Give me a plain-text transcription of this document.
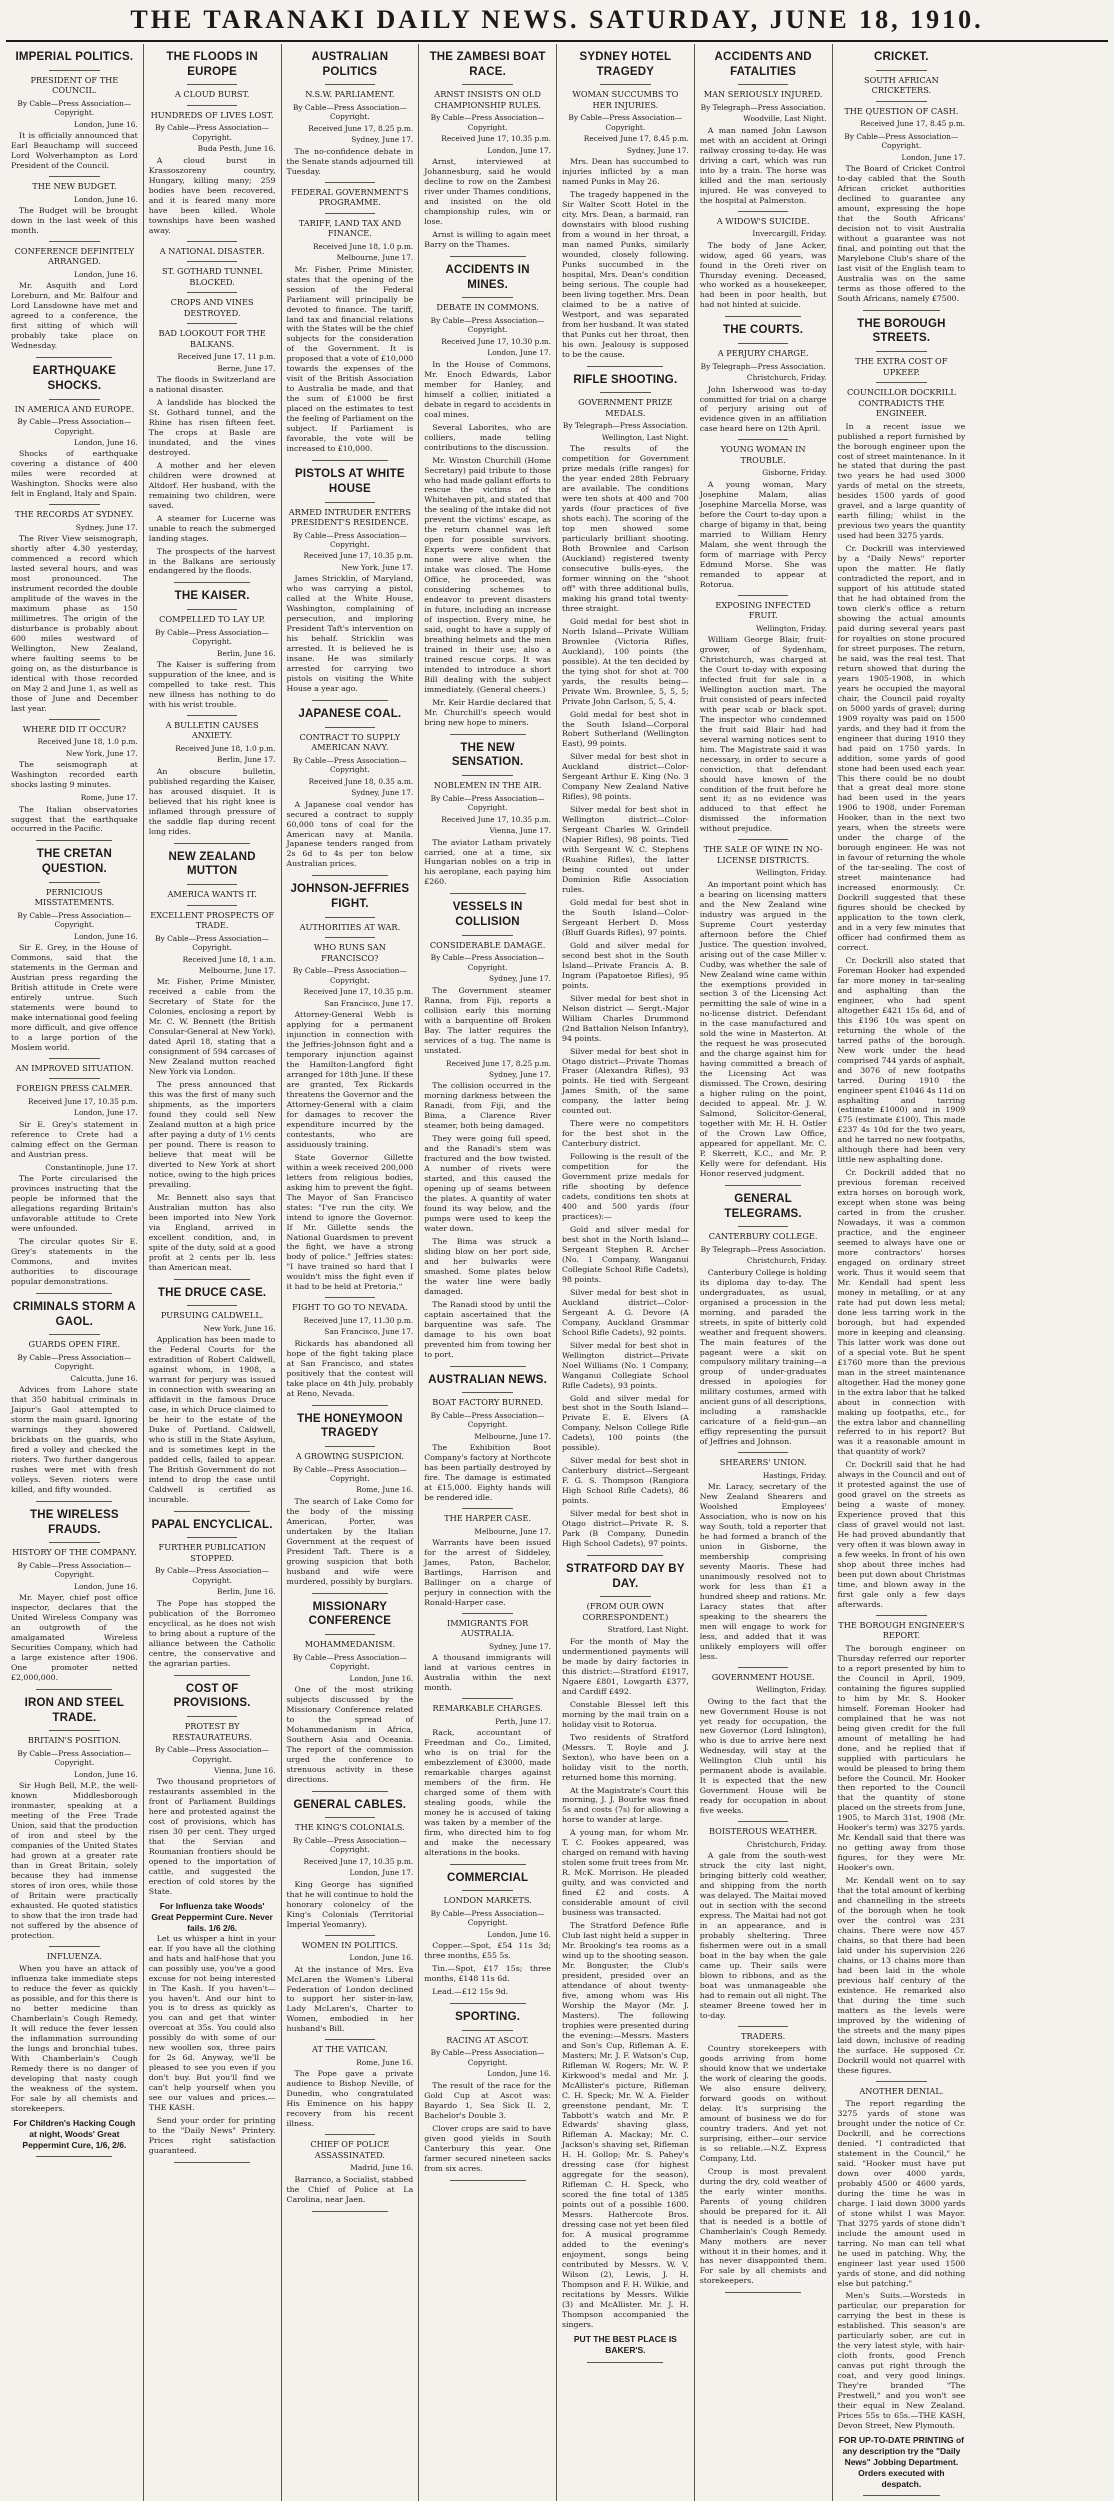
THE TARANAKI DAILY NEWS. SATURDAY, JUNE 18, 1910.
IMPERIAL POLITICS.
PRESIDENT OF THE COUNCIL.
By Cable—Press Association—Copyright.
London, June 16.
It is officially announced that Earl Beauchamp will succeed Lord Wolverhampton as Lord President of the Council.
THE NEW BUDGET.
London, June 16.
The Budget will be brought down in the last week of this month.
CONFERENCE DEFINITELY ARRANGED.
London, June 16.
Mr. Asquith and Lord Loreburn, and Mr. Balfour and Lord Lansdowne have met and agreed to a conference, the first sitting of which will probably take place on Wednesday.
EARTHQUAKE SHOCKS.
IN AMERICA AND EUROPE.
By Cable—Press Association—Copyright.
London, June 16.
Shocks of earthquake covering a distance of 400 miles were recorded at Washington. Shocks were also felt in England, Italy and Spain.
THE RECORDS AT SYDNEY.
Sydney, June 17.
The River View seismograph, shortly after 4.30 yesterday, commenced a record which lasted several hours, and was most pronounced. The instrument recorded the double amplitude of the waves in the maximum phase as 150 millimetres. The origin of the disturbance is probably about 600 miles westward of Wellington, New Zealand, where faulting seems to be going on, as the disturbance is identical with those recorded on May 2 and June 1, as well as those of June and December last year.
WHERE DID IT OCCUR?
Received June 18, 1.0 p.m.
New York, June 17.
The seismograph at Washington recorded earth shocks lasting 9 minutes.
Rome, June 17.
The Italian observatories suggest that the earthquake occurred in the Pacific.
THE CRETAN QUESTION.
PERNICIOUS MISSTATEMENTS.
By Cable—Press Association—Copyright.
London, June 16.
Sir E. Grey, in the House of Commons, said that the statements in the German and Austrian press regarding the British attitude in Crete were entirely untrue. Such statements were bound to make international good feeling more difficult, and give offence to a large portion of the Moslem world.
AN IMPROVED SITUATION.
FOREIGN PRESS CALMER.
Received June 17, 10.35 p.m.
London, June 17.
Sir E. Grey's statement in reference to Crete had a calming effect on the German and Austrian press.
Constantinople, June 17.
The Porte circularised the provinces instructing that the people be informed that the allegations regarding Britain's unfavorable attitude to Crete were unfounded.
The circular quotes Sir E. Grey's statements in the Commons, and invites authorities to discourage popular demonstrations.
CRIMINALS STORM A GAOL.
GUARDS OPEN FIRE.
By Cable—Press Association—Copyright.
Calcutta, June 16.
Advices from Lahore state that 350 habitual criminals in Jaipur's Gaol attempted to storm the main guard. Ignoring warnings they showered brickbats on the guards, who fired a volley and checked the rioters. Two further dangerous rushes were met with fresh volleys. Seven rioters were killed, and fifty wounded.
THE WIRELESS FRAUDS.
HISTORY OF THE COMPANY.
By Cable—Press Association—Copyright.
London, June 16.
Mr. Mayer, chief post office inspector, declares that the United Wireless Company was an outgrowth of the amalgamated Wireless Securities Company, which had a large existence after 1906. One promoter netted £2,000,000.
IRON AND STEEL TRADE.
BRITAIN'S POSITION.
By Cable—Press Association—Copyright.
London, June 16.
Sir Hugh Bell, M.P., the well-known Middlesborough ironmaster, speaking at a meeting of the Free Trade Union, said that the production of iron and steel by the companies of the United States had grown at a greater rate than in Great Britain, solely because they had immense stores of iron ores, while those of Britain were practically exhausted. He quoted statistics to show that the iron trade had not suffered by the absence of protection.
INFLUENZA.
When you have an attack of influenza take immediate steps to reduce the fever as quickly as possible, and for this there is no better medicine than Chamberlain's Cough Remedy. It will reduce the fever lessen the inflammation surrounding the lungs and bronchial tubes. With Chamberlain's Cough Remedy there is no danger of developing that nasty cough the weakness of the system. For sale by all chemists and storekeepers.
For Children's Hacking Cough at night, Woods' Great Peppermint Cure, 1/6, 2/6.
THE FLOODS IN EUROPE
A CLOUD BURST.
HUNDREDS OF LIVES LOST.
By Cable—Press Association—Copyright.
Buda Pesth, June 16.
A cloud burst in Krassoszoreny country, Hungary, killing many; 259 bodies have been recovered, and it is feared many more have been killed. Whole townships have been washed away.
A NATIONAL DISASTER.
ST. GOTHARD TUNNEL BLOCKED.
CROPS AND VINES DESTROYED.
BAD LOOKOUT FOR THE BALKANS.
Received June 17, 11 p.m.
Berne, June 17.
The floods in Switzerland are a national disaster.
A landslide has blocked the St. Gothard tunnel, and the Rhine has risen fifteen feet. The crops at Basle are inundated, and the vines destroyed.
A mother and her eleven children were drowned at Altdorf. Her husband, with the remaining two children, were saved.
A steamer for Lucerne was unable to reach the submerged landing stages.
The prospects of the harvest in the Balkans are seriously endangered by the floods.
THE KAISER.
COMPELLED TO LAY UP.
By Cable—Press Association—Copyright.
Berlin, June 16.
The Kaiser is suffering from suppuration of the knee, and is compelled to take rest. This new illness has nothing to do with his wrist trouble.
A BULLETIN CAUSES ANXIETY.
Received June 18, 1.0 p.m.
Berlin, June 17.
An obscure bulletin, published regarding the Kaiser, has aroused disquiet. It is believed that his right knee is inflamed through pressure of the saddle flap during recent long rides.
NEW ZEALAND MUTTON
AMERICA WANTS IT.
EXCELLENT PROSPECTS OF TRADE.
By Cable—Press Association—Copyright.
Received June 18, 1 a.m.
Melbourne, June 17.
Mr. Fisher, Prime Minister, received a cable from the Secretary of State for the Colonies, enclosing a report by Mr. C. W. Bennett (the British Consular-General at New York), dated April 18, stating that a consignment of 594 carcases of New Zealand mutton reached New York via London.
The press announced that this was the first of many such shipments, as the importers found they could sell New Zealand mutton at a high price after paying a duty of 1½ cents per pound. There is reason to believe that meat will be diverted to New York at short notice, owing to the high prices prevailing.
Mr. Bennett also says that Australian mutton has also been imported into New York via England, arrived in excellent condition, and, in spite of the duty, sold at a good profit at 2 cents per lb. less than American meat.
THE DRUCE CASE.
PURSUING CALDWELL.
New York, June 16.
Application has been made to the Federal Courts for the extradition of Robert Caldwell, against whom, in 1908, a warrant for perjury was issued in connection with swearing an affidavit in the famous Druce case, in which Druce claimed to be heir to the estate of the Duke of Portland. Caldwell, who is still in the State Asylum, and is sometimes kept in the padded cells, failed to appear. The British Government do not intend to drop the case until Caldwell is certified as incurable.
PAPAL ENCYCLICAL.
FURTHER PUBLICATION STOPPED.
By Cable—Press Association—Copyright.
Berlin, June 16.
The Pope has stopped the publication of the Borromeo encyclical, as he does not wish to bring about a rupture of the alliance between the Catholic centre, the conservative and the agrarian parties.
COST OF PROVISIONS.
PROTEST BY RESTAURATEURS.
By Cable—Press Association—Copyright.
Vienna, June 16.
Two thousand proprietors of restaurants assembled in the front of Parliament Buildings here and protested against the cost of provisions, which has risen 30 per cent. They urged that the Servian and Roumanian frontiers should be opened to the importation of cattle, and suggested the erection of cold stores by the State.
For Influenza take Woods' Great Peppermint Cure. Never fails. 1/6 2/6.
Let us whisper a hint in your ear. If you have all the clothing and hats and half-hose that you can possibly use, you've a good excuse for not being interested in The Kash. If you haven't—you haven't. And our hint to you is to dress as quickly as you can and get that winter overcoat at 35s. You could also possibly do with some of our new woollen sox, three pairs for 2s 6d. Anyway, we'll be pleased to see you even if you don't buy. But you'll find we can't help yourself when you see our values and prices.—THE KASH.
Send your order for printing to the "Daily News" Printery. Prices right satisfaction guaranteed.
AUSTRALIAN POLITICS
N.S.W. PARLIAMENT.
By Cable—Press Association—Copyright.
Received June 17, 8.25 p.m.
Sydney, June 17.
The no-confidence debate in the Senate stands adjourned till Tuesday.
FEDERAL GOVERNMENT'S PROGRAMME.
TARIFF, LAND TAX AND FINANCE.
Received June 18, 1.0 p.m.
Melbourne, June 17.
Mr. Fisher, Prime Minister, states that the opening of the session of the Federal Parliament will principally be devoted to finance. The tariff, land tax and financial relations with the States will be the chief subjects for the consideration of the Government. It is proposed that a vote of £10,000 towards the expenses of the visit of the British Association to Australia be made, and that the sum of £1000 be first placed on the estimates to test the feeling of Parliament on the subject. If Parliament is favorable, the vote will be increased to £10,000.
PISTOLS AT WHITE HOUSE
ARMED INTRUDER ENTERS PRESIDENT'S RESIDENCE.
By Cable—Press Association—Copyright.
Received June 17, 10.35 p.m.
New York, June 17.
James Stricklin, of Maryland, who was carrying a pistol, called at the White House, Washington, complaining of persecution, and imploring President Taft's intervention on his behalf. Stricklin was arrested. It is believed he is insane. He was similarly arrested for carrying two pistols on visiting the White House a year ago.
JAPANESE COAL.
CONTRACT TO SUPPLY AMERICAN NAVY.
By Cable—Press Association—Copyright.
Received June 18, 0.35 a.m.
Sydney, June 17.
A Japanese coal vendor has secured a contract to supply 60,000 tons of coal for the American navy at Manila. Japanese tenders ranged from 2s 6d to 4s per ton below Australian prices.
JOHNSON-JEFFRIES FIGHT.
AUTHORITIES AT WAR.
WHO RUNS SAN FRANCISCO?
By Cable—Press Association—Copyright.
Received June 17, 10.35 p.m.
San Francisco, June 17.
Attorney-General Webb is applying for a permanent injunction in connection with the Jeffries-Johnson fight and a temporary injunction against the Hamilton-Langford fight arranged for 18th June. If these are granted, Tex Rickards threatens the Governor and the Attorney-General with a claim for damages to recover the expenditure incurred by the contestants, who are assiduously training.
State Governor Gillette within a week received 200,000 letters from religious bodies, asking him to prevent the fight. The Mayor of San Francisco states: "I've run the city. We intend to ignore the Governor. If Mr. Gillette sends the National Guardsmen to prevent the fight, we have a strong body of police." Jeffries states: "I have trained so hard that I wouldn't miss the fight even if it had to be held at Pretoria."
FIGHT TO GO TO NEVADA.
Received June 17, 11.30 p.m.
San Francisco, June 17.
Rickards has abandoned all hope of the fight taking place at San Francisco, and states positively that the contest will take place on 4th July, probably at Reno, Nevada.
THE HONEYMOON TRAGEDY
A GROWING SUSPICION.
By Cable—Press Association—Copyright.
Rome, June 16.
The search of Lake Como for the body of the missing American, Porter, was undertaken by the Italian Government at the request of President Taft. There is a growing suspicion that both husband and wife were murdered, possibly by burglars.
MISSIONARY CONFERENCE
MOHAMMEDANISM.
By Cable—Press Association—Copyright.
London, June 16.
One of the most striking subjects discussed by the Missionary Conference related to the spread of Mohammedanism in Africa, Southern Asia and Oceania. The report of the commission urged the conference to strenuous activity in these directions.
GENERAL CABLES.
THE KING'S COLONIALS.
By Cable—Press Association—Copyright.
Received June 17, 10.35 p.m.
London, June 17.
King George has signified that he will continue to hold the honorary colonelcy of the King's Colonials (Territorial Imperial Yeomanry).
WOMEN IN POLITICS.
London, June 16.
At the instance of Mrs. Eva McLaren the Women's Liberal Federation of London declined to support her sister-in-law, Lady McLaren's, Charter to Women, embodied in her husband's Bill.
AT THE VATICAN.
Rome, June 16.
The Pope gave a private audience to Bishop Neville, of Dunedin, who congratulated His Eminence on his happy recovery from his recent illness.
CHIEF OF POLICE ASSASSINATED.
Madrid, June 16.
Barranco, a Socialist, stabbed the Chief of Police at La Carolina, near Jaen.
THE ZAMBESI BOAT RACE.
ARNST INSISTS ON OLD CHAMPIONSHIP RULES.
By Cable—Press Association—Copyright.
Received June 17, 10.35 p.m.
London, June 17.
Arnst, interviewed at Johannesburg, said he would decline to row on the Zambesi river under Thames conditions, and insisted on the old championship rules, win or lose.
Arnst is willing to again meet Barry on the Thames.
ACCIDENTS IN MINES.
DEBATE IN COMMONS.
By Cable—Press Association—Copyright.
Received June 17, 10.30 p.m.
London, June 17.
In the House of Commons, Mr. Enoch Edwards, Labor member for Hanley, and himself a collier, initiated a debate in regard to accidents in coal mines.
Several Laborites, who are colliers, made telling contributions to the discussion.
Mr. Winston Churchill (Home Secretary) paid tribute to those who had made gallant efforts to rescue the victims of the Whitehaven pit, and stated that the sealing of the intake did not prevent the victims' escape, as the return channel was left open for possible survivors. Experts were confident that none were alive when the intake was closed. The Home Office, he proceeded, was considering schemes to endeavor to prevent disasters in future, including an increase of inspection. Every mine, he said, ought to have a supply of breathing helmets and the men trained in their use; also a trained rescue corps. It was intended to introduce a short Bill dealing with the subject immediately. (General cheers.)
Mr. Keir Hardie declared that Mr. Churchill's speech would bring new hope to miners.
THE NEW SENSATION.
NOBLEMEN IN THE AIR.
By Cable—Press Association—Copyright.
Received June 17, 10.35 p.m.
Vienna, June 17.
The aviator Latham privately carried, one at a time, six Hungarian nobles on a trip in his aeroplane, each paying him £260.
VESSELS IN COLLISION
CONSIDERABLE DAMAGE.
By Cable—Press Association—Copyright.
Sydney, June 17.
The Government steamer Ranna, from Fiji, reports a collision early this morning with a barquentine off Broken Bay. The latter requires the services of a tug. The name is unstated.
Received June 17, 8.25 p.m.
Sydney, June 17.
The collision occurred in the morning darkness between the Ranadi, from Fiji, and the Bima, a Clarence River steamer, both being damaged.
They were going full speed, and the Ranadi's stem was fractured and the bow twisted. A number of rivets were started, and this caused the opening up of seams between the plates. A quantity of water found its way below, and the pumps were used to keep the water down.
The Bima was struck a sliding blow on her port side, and her bulwarks were smashed. Some plates below the water line were badly damaged.
The Ranadi stood by until the captain ascertained that the barquentine was safe. The damage to his own boat prevented him from towing her to port.
AUSTRALIAN NEWS.
BOAT FACTORY BURNED.
By Cable—Press Association—Copyright.
Melbourne, June 17.
The Exhibition Boot Company's factory at Northcote has been partially destroyed by fire. The damage is estimated at £15,000. Eighty hands will be rendered idle.
THE HARPER CASE.
Melbourne, June 17.
Warrants have been issued for the arrest of Siddeley, James, Paton, Bachelor, Bartlings, Harrison and Ballinger on a charge of perjury in connection with the Ronald-Harper case.
IMMIGRANTS FOR AUSTRALIA.
Sydney, June 17.
A thousand immigrants will land at various centres in Australia within the next month.
REMARKABLE CHARGES.
Perth, June 17.
Rack, accountant of Freedman and Co., Limited, who is on trial for the embezzlement of £3000, made remarkable charges against members of the firm. He charged some of them with stealing goods, while the money he is accused of taking was taken by a member of the firm, who directed him to fog and make the necessary alterations in the books.
COMMERCIAL
LONDON MARKETS.
By Cable—Press Association—Copyright.
London, June 16.
Copper.—Spot, £54 11s 3d; three months, £55 5s.
Tin.—Spot, £17 15s; three months, £148 11s 6d.
Lead.—£12 15s 9d.
SPORTING.
RACING AT ASCOT.
By Cable—Press Association—Copyright.
London, June 16.
The result of the race for the Gold Cup at Ascot was: Bayardo 1, Sea Sick II. 2, Bachelor's Double 3.
Clover crops are said to have given good yields in South Canterbury this year. One farmer secured nineteen sacks from six acres.
SYDNEY HOTEL TRAGEDY
WOMAN SUCCUMBS TO HER INJURIES.
By Cable—Press Association—Copyright.
Received June 17, 8.45 p.m.
Sydney, June 17.
Mrs. Dean has succumbed to injuries inflicted by a man named Punks in May 26.
The tragedy happened in the Sir Walter Scott Hotel in the city. Mrs. Dean, a barmaid, ran downstairs with blood rushing from a wound in her throat, a man named Punks, similarly wounded, closely following. Punks succumbed in the hospital, Mrs. Dean's condition being serious. The couple had been living together. Mrs. Dean claimed to be a native of Westport, and was separated from her husband. It was stated that Punks cut her throat, then his own. Jealousy is supposed to be the cause.
RIFLE SHOOTING.
GOVERNMENT PRIZE MEDALS.
By Telegraph—Press Association.
Wellington, Last Night.
The results of the competition for Government prize medals (rifle ranges) for the year ended 28th February are available. The conditions were ten shots at 400 and 700 yards (four practices of five shots each). The scoring of the top men showed some particularly brilliant shooting. Both Brownlee and Carlson (Auckland) registered twenty consecutive bulls-eyes, the former winning on the "shoot off" with three additional bulls, making his grand total twenty-three straight.
Gold medal for best shot in North Island—Private William Brownlee (Victoria Rifles, Auckland), 100 points (the possible). At the ten decided by the tying shot for shot at 700 yards, the results being—Private Wm. Brownlee, 5, 5, 5; Private John Carlson, 5, 5, 4.
Gold medal for best shot in the South Island—Corporal Robert Sutherland (Wellington East), 99 points.
Silver medal for best shot in Auckland district—Color-Sergeant Arthur E. King (No. 3 Company New Zealand Native Rifles), 98 points.
Silver medal for best shot in Wellington district—Color-Sergeant Charles W. Grindell (Napier Rifles), 98 points. Tied with Sergeant W. C. Stephens (Ruahine Rifles), the latter being counted out under Dominion Rifle Association rules.
Gold medal for best shot in the South Island—Color-Sergeant Herbert D. Moss (Bluff Guards Rifles), 97 points.
Gold and silver medal for second best shot in the South Island—Private Francis A. B. Ingram (Papatoetoe Rifles), 95 points.
Silver medal for best shot in Nelson district — Sergt.-Major William Charles Drummond (2nd Battalion Nelson Infantry), 94 points.
Silver medal for best shot in Otago district—Private Thomas Fraser (Alexandra Rifles), 93 points. He tied with Sergeant James Smith, of the same company, the latter being counted out.
There were no competitors for the best shot in the Canterbury district.
Following is the result of the competition for the Government prize medals for rifle shooting by defence cadets, conditions ten shots at 400 and 500 yards (four practices):—
Gold and silver medal for best shot in the North Island—Sergeant Stephen R. Archer (No. 1 Company, Wanganui Collegiate School Rifle Cadets), 98 points.
Silver medal for best shot in Auckland district—Color-Sergeant A. G. Devore (A Company, Auckland Grammar School Rifle Cadets), 92 points.
Silver medal for best shot in Wellington district—Private Noel Williams (No. 1 Company, Wanganui Collegiate School Rifle Cadets), 93 points.
Gold and silver medal for best shot in the South Island—Private E. E. Elvers (A Company, Nelson College Rifle Cadets), 100 points (the possible).
Silver medal for best shot in Canterbury district—Sergeant F. G. S. Thompson (Rangiora High School Rifle Cadets), 86 points.
Silver medal for best shot in Otago district—Private R. S. Park (B Company, Dunedin High School Cadets), 97 points.
STRATFORD DAY BY DAY.
(FROM OUR OWN CORRESPONDENT.)
Stratford, Last Night.
For the month of May the undermentioned payments will be made by dairy factories in this district:—Stratford £1917, Ngaere £801, Lowgarth £377, and Cardiff £492.
Constable Blessel left this morning by the mail train on a holiday visit to Rotorua.
Two residents of Stratford (Messrs. T. Boyle and J. Sexton), who have been on a holiday visit to the north, returned home this morning.
At the Magistrate's Court this morning, J. J. Bourke was fined 5s and costs (7s) for allowing a horse to wander at large.
A young man, for whom Mr. T. C. Fookes appeared, was charged on remand with having stolen some fruit trees from Mr. R. McK. Morrison. He pleaded guilty, and was convicted and fined £2 and costs. A considerable amount of civil business was transacted.
The Stratford Defence Rifle Club last night held a supper in Mr. Brooking's tea rooms as a wind up to the shooting season. Mr. Bonguster, the Club's president, presided over an attendance of about twenty-five, among whom was His Worship the Mayor (Mr. J. Masters). The following trophies were presented during the evening:—Messrs. Masters and Son's Cup, Rifleman A. E. Masters; Mr. J. F. Watson's Cup, Rifleman W. Rogers; Mr. W. P. Kirkwood's medal and Mr. J. McAllister's picture, Rifleman C. H. Speck; Mr. W. A. Fielder greenstone pendant, Mr. T. Tabbott's watch and Mr. P. Edwards' shaving glass, Rifleman A. Mackay; Mr. C. Jackson's shaving set, Rifleman H. H. Gollop; Mr. S. Pahey's dressing case (for highest aggregate for the season), Rifleman C. H. Speck, who scored the fine total of 1385 points out of a possible 1600. Messrs. Hathercote Bros. dressing case not yet been filed for. A musical programme added to the evening's enjoyment, songs being contributed by Messrs. W. V. Wilson (2), Lewis, J. H. Thompson and F. H. Wilkie, and recitations by Messrs. Wilkie (3) and McAllister. Mr. J. H. Thompson accompanied the singers.
PUT THE BEST PLACE IS BAKER'S.
ACCIDENTS AND FATALITIES
MAN SERIOUSLY INJURED.
By Telegraph—Press Association.
Woodville, Last Night.
A man named John Lawson met with an accident at Oringi railway crossing to-day. He was driving a cart, which was run into by a train. The horse was killed and the man seriously injured. He was conveyed to the hospital at Palmerston.
A WIDOW'S SUICIDE.
Invercargill, Friday.
The body of Jane Acker, widow, aged 66 years, was found in the Oreti river on Thursday evening. Deceased, who worked as a housekeeper, had been in poor health, but had not hinted at suicide.
THE COURTS.
A PERJURY CHARGE.
By Telegraph—Press Association.
Christchurch, Friday.
John Isherwood was to-day committed for trial on a charge of perjury arising out of evidence given in an affiliation case heard here on 12th April.
YOUNG WOMAN IN TROUBLE.
Gisborne, Friday.
A young woman, Mary Josephine Malam, alias Josephine Marcella Morse, was before the Court to-day upon a charge of bigamy in that, being married to William Henry Malam, she went through the form of marriage with Percy Edmund Morse. She was remanded to appear at Rotorua.
EXPOSING INFECTED FRUIT.
Wellington, Friday.
William George Blair, fruit-grower, of Sydenham, Christchurch, was charged at the Court to-day with exposing infected fruit for sale in a Wellington auction mart. The fruit consisted of pears infected with pear scab or black spot. The inspector who condemned the fruit said Blair had had several warning notices sent to him. The Magistrate said it was necessary, in order to secure a conviction, that defendant should have known of the condition of the fruit before he sent it; as no evidence was adduced to that effect he dismissed the information without prejudice.
THE SALE OF WINE IN NO-LICENSE DISTRICTS.
Wellington, Friday.
An important point which has a bearing on licensing matters and the New Zealand wine industry was argued in the Supreme Court yesterday afternoon before the Chief Justice. The question involved, arising out of the case Miller v. Cudby, was whether the sale of New Zealand wine came within the exemptions provided in section 3 of the Licensing Act permitting the sale of wine in a no-license district. Defendant in the case manufactured and sold the wine in Masterton. At the request he was prosecuted and the charge against him for having committed a breach of the Licensing Act was dismissed. The Crown, desiring a higher ruling on the point, decided to appeal. Mr. J. W. Salmond, Solicitor-General, together with Mr. H. H. Ostler of the Crown Law Office, appeared for appellant. Mr. C. P. Skerrett, K.C., and Mr. P. Kelly were for defendant. His Honor reserved judgment.
GENERAL TELEGRAMS.
CANTERBURY COLLEGE.
By Telegraph—Press Association.
Christchurch, Friday.
Canterbury College is holding its diploma day to-day. The undergraduates, as usual, organised a procession in the morning, and paraded the streets, in spite of bitterly cold weather and frequent showers. The main features of the pageant were a skit on compulsory military training—a group of under-graduates dressed in apologies for military costumes, armed with ancient guns of all descriptions, including a ramshackle caricature of a field-gun—an effigy representing the pursuit of Jeffries and Johnson.
SHEARERS' UNION.
Hastings, Friday.
Mr. Laracy, secretary of the New Zealand Shearers and Woolshed Employees' Association, who is now on his way South, told a reporter that he had formed a branch of the union in Gisborne, the membership comprising seventy Maoris. These had unanimously resolved not to work for less than £1 a hundred sheep and rations. Mr. Laracy states that after speaking to the shearers the men will engage to work for less, and added that it was unlikely employers will offer less.
GOVERNMENT HOUSE.
Wellington, Friday.
Owing to the fact that the new Government House is not yet ready for occupation, the new Governor (Lord Islington), who is due to arrive here next Wednesday, will stay at the Wellington Club until his permanent abode is available. It is expected that the new Government House will be ready for occupation in about five weeks.
BOISTEROUS WEATHER.
Christchurch, Friday.
A gale from the south-west struck the city last night, bringing bitterly cold weather, and shipping from the north was delayed. The Maitai moved out in section with the second express. The Maitai had not got in an appearance, and is probably sheltering. Three fishermen were out in a small boat in the bay when the gale came up. Their sails were blown to ribbons, and as the boat was unmanageable she had to remain out all night. The steamer Breene towed her in to-day.
TRADERS.
Country storekeepers with goods arriving from home should know that we undertake the work of clearing the goods. We also ensure delivery, forward goods on without delay. It's surprising the amount of business we do for country traders. And yet not surprising, either—our service is so reliable.—N.Z. Express Company, Ltd.
Croup is most prevalent during the dry, cold weather of the early winter months. Parents of young children should be prepared for it. All that is needed is a bottle of Chamberlain's Cough Remedy. Many mothers are never without it in their homes, and it has never disappointed them. For sale by all chemists and storekeepers.
CRICKET.
SOUTH AFRICAN CRICKETERS.
THE QUESTION OF CASH.
Received June 17, 8.45 p.m.
By Cable—Press Association—Copyright.
London, June 17.
The Board of Cricket Control to-day cabled that the South African cricket authorities declined to guarantee any amount, expressing the hope that the South Africans' decision not to visit Australia without a guarantee was not final, and pointing out that the Marylebone Club's share of the last visit of the English team to Australia was on the same terms as those offered to the South Africans, namely £7500.
THE BOROUGH STREETS.
THE EXTRA COST OF UPKEEP.
COUNCILLOR DOCKRILL CONTRADICTS THE ENGINEER.
In a recent issue we published a report furnished by the borough engineer upon the cost of street maintenance. In it he stated that during the past two years he had used 3000 yards of metal on the streets, besides 1500 yards of good gravel, and a large quantity of earth filling; whilst in the previous two years the quantity used had been 3275 yards.
Cr. Dockrill was interviewed by a "Daily News" reporter upon the matter. He flatly contradicted the report, and in support of his attitude stated that he had obtained from the town clerk's office a return showing the actual amounts paid during several years past for royalties on stone procured for street purposes. The return, he said, was the real test. That return showed that during the years 1905-1908, in which years he occupied the mayoral chair, the Council paid royalty on 5000 yards of gravel; during 1909 royalty was paid on 1500 yards, and they had it from the engineer that during 1910 they had paid on 1750 yards. In addition, some yards of good stone had been used each year. This there could be no doubt that a great deal more stone had been used in the years 1906 to 1908, under Foreman Hooker, than in the next two years, when the streets were under the charge of the borough engineer. He was not in favour of returning the whole of the tar-sealing. The cost of street maintenance had increased enormously. Cr. Dockrill suggested that these figures should be checked by application to the town clerk, and in a very few minutes that officer had confirmed them as correct.
Cr. Dockrill also stated that Foreman Hooker had expended far more money in tar-sealing and asphalting than the engineer, who had spent altogether £421 15s 6d, and of this £196 10s was spent on returning the whole of the tarred paths of the borough. New work under the head comprised 744 yards of asphalt, and 3076 of new footpaths tarred. During 1910 the engineer spent £1046 4s 11d on asphalting and tarring (estimate £1000) and in 1909 £75 (estimate £100). This made £237 4s 10d for the two years, and he tarred no new footpaths, although there had been very little new asphalting done.
Cr. Dockrill added that no previous foreman received extra horses on borough work, except when stone was being carted in from the crusher. Nowadays, it was a common practice, and the engineer seemed to always have one or more contractors' horses engaged on ordinary street work. Thus it would seem that Mr. Kendall had spent less money in metalling, or at any rate had put down less metal; done less tarring work in the borough, but had expended more in keeping and cleansing. This latter work was done out of a special vote. But he spent £1760 more than the previous man in the street maintenance altogether. Had the money gone in the extra labor that he talked about in connection with making up footpaths, etc., for the extra labor and channelling referred to in his report? But was it a reasonable amount in that quantity of work?
Cr. Dockrill said that he had always in the Council and out of it protested against the use of good gravel on the streets as being a waste of money. Experience proved that this class of gravel would not last. He had proved abundantly that very often it was blown away in a few weeks. In front of his own shop about three inches had been put down about Christmas time, and blown away in the first gale only a few days afterwards.
THE BOROUGH ENGINEER'S REPORT.
The borough engineer on Thursday referred our reporter to a report presented by him to the Council in April, 1909, containing the figures supplied to him by Mr. S. Hooker himself. Foreman Hooker had complained that he was not being given credit for the full amount of metalling he had done, and he replied that if supplied with particulars he would be pleased to bring them before the Council. Mr. Hooker then reported to the Council that the quantity of stone placed on the streets from June, 1905, to March 31st, 1908 (Mr. Hooker's term) was 3275 yards. Mr. Kendall said that there was no getting away from those figures, for they were Mr. Hooker's own.
Mr. Kendall went on to say that the total amount of kerbing and channelling in the streets of the borough when he took over the control was 231 chains. There were now 457 chains, so that there had been laid under his supervision 226 chains, or 13 chains more than had been laid in the whole previous half century of the existence. He remarked also that during the time such matters as the levels were improved by the widening of the streets and the many pipes laid down, inclusive of reading the surface. He supposed Cr. Dockrill would not quarrel with these figures.
ANOTHER DENIAL.
The report regarding the 3275 yards of stone was brought under the notice of Cr. Dockrill, and he corrections denied. "I contradicted that statement in the Council," he said. "Hooker must have put down over 4000 yards, probably 4500 or 4600 yards, during the time he was in charge. I laid down 3000 yards of stone whilst I was Mayor. That 3275 yards of stone didn't include the amount used in tarring. No man can tell what he used in patching. Why, the engineer last year used 1500 yards of stone, and did nothing else but patching."
Men's Suits.—Worsteds in particular, our preparation for carrying the best in these is established. This season's are particularly sober, are cut in the very latest style, with hair-cloth fronts, good French canvas put right through the coat, and very good linings. They're branded "The Prestwell," and you won't see their equal in New Zealand. Prices 55s to 65s.—THE KASH, Devon Street, New Plymouth.
FOR UP-TO-DATE PRINTING of any description try the "Daily News" Jobbing Department. Orders executed with despatch.
